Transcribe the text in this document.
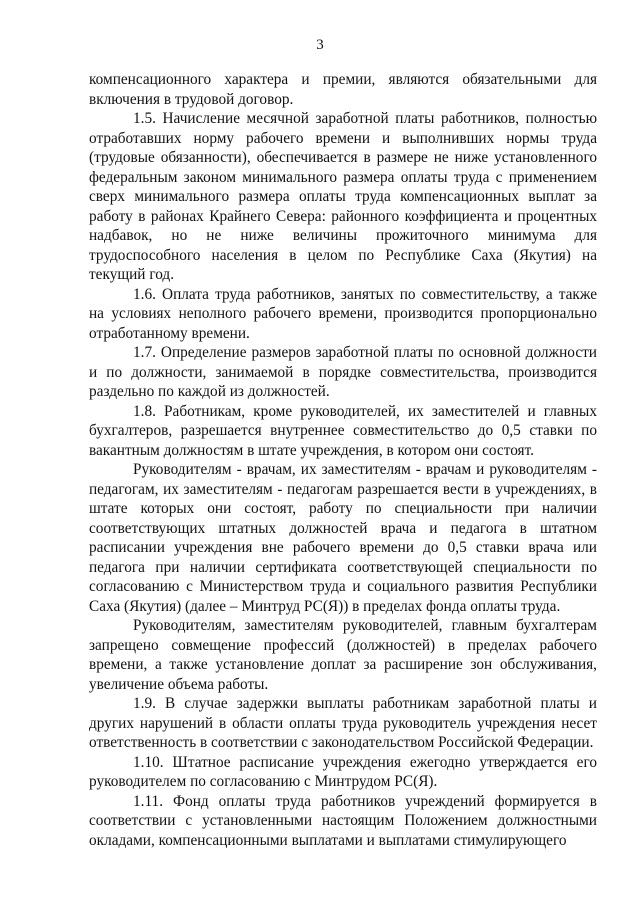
3

компенсационного характера и премии, являются обязательными для включения в трудовой договор.

1.5. Начисление месячной заработной платы работников, полностью отработавших норму рабочего времени и выполнивших нормы труда (трудовые обязанности), обеспечивается в размере не ниже установленного федеральным законом минимального размера оплаты труда с применением сверх минимального размера оплаты труда компенсационных выплат за работу в районах Крайнего Севера: районного коэффициента и процентных надбавок, но не ниже величины прожиточного минимума для трудоспособного населения в целом по Республике Саха (Якутия) на текущий год.

1.6. Оплата труда работников, занятых по совместительству, а также на условиях неполного рабочего времени, производится пропорционально отработанному времени.

1.7. Определение размеров заработной платы по основной должности и по должности, занимаемой в порядке совместительства, производится раздельно по каждой из должностей.

1.8. Работникам, кроме руководителей, их заместителей и главных бухгалтеров, разрешается внутреннее совместительство до 0,5 ставки по вакантным должностям в штате учреждения, в котором они состоят.

Руководителям - врачам, их заместителям - врачам и руководителям - педагогам, их заместителям - педагогам разрешается вести в учреждениях, в штате которых они состоят, работу по специальности при наличии соответствующих штатных должностей врача и педагога в штатном расписании учреждения вне рабочего времени до 0,5 ставки врача или педагога при наличии сертификата соответствующей специальности по согласованию с Министерством труда и социального развития Республики Саха (Якутия) (далее – Минтруд РС(Я)) в пределах фонда оплаты труда.

Руководителям, заместителям руководителей, главным бухгалтерам запрещено совмещение профессий (должностей) в пределах рабочего времени, а также установление доплат за расширение зон обслуживания, увеличение объема работы.

1.9. В случае задержки выплаты работникам заработной платы и других нарушений в области оплаты труда руководитель учреждения несет ответственность в соответствии с законодательством Российской Федерации.

1.10. Штатное расписание учреждения ежегодно утверждается его руководителем по согласованию с Минтрудом РС(Я).

1.11. Фонд оплаты труда работников учреждений формируется в соответствии с установленными настоящим Положением должностными окладами, компенсационными выплатами и выплатами стимулирующего
